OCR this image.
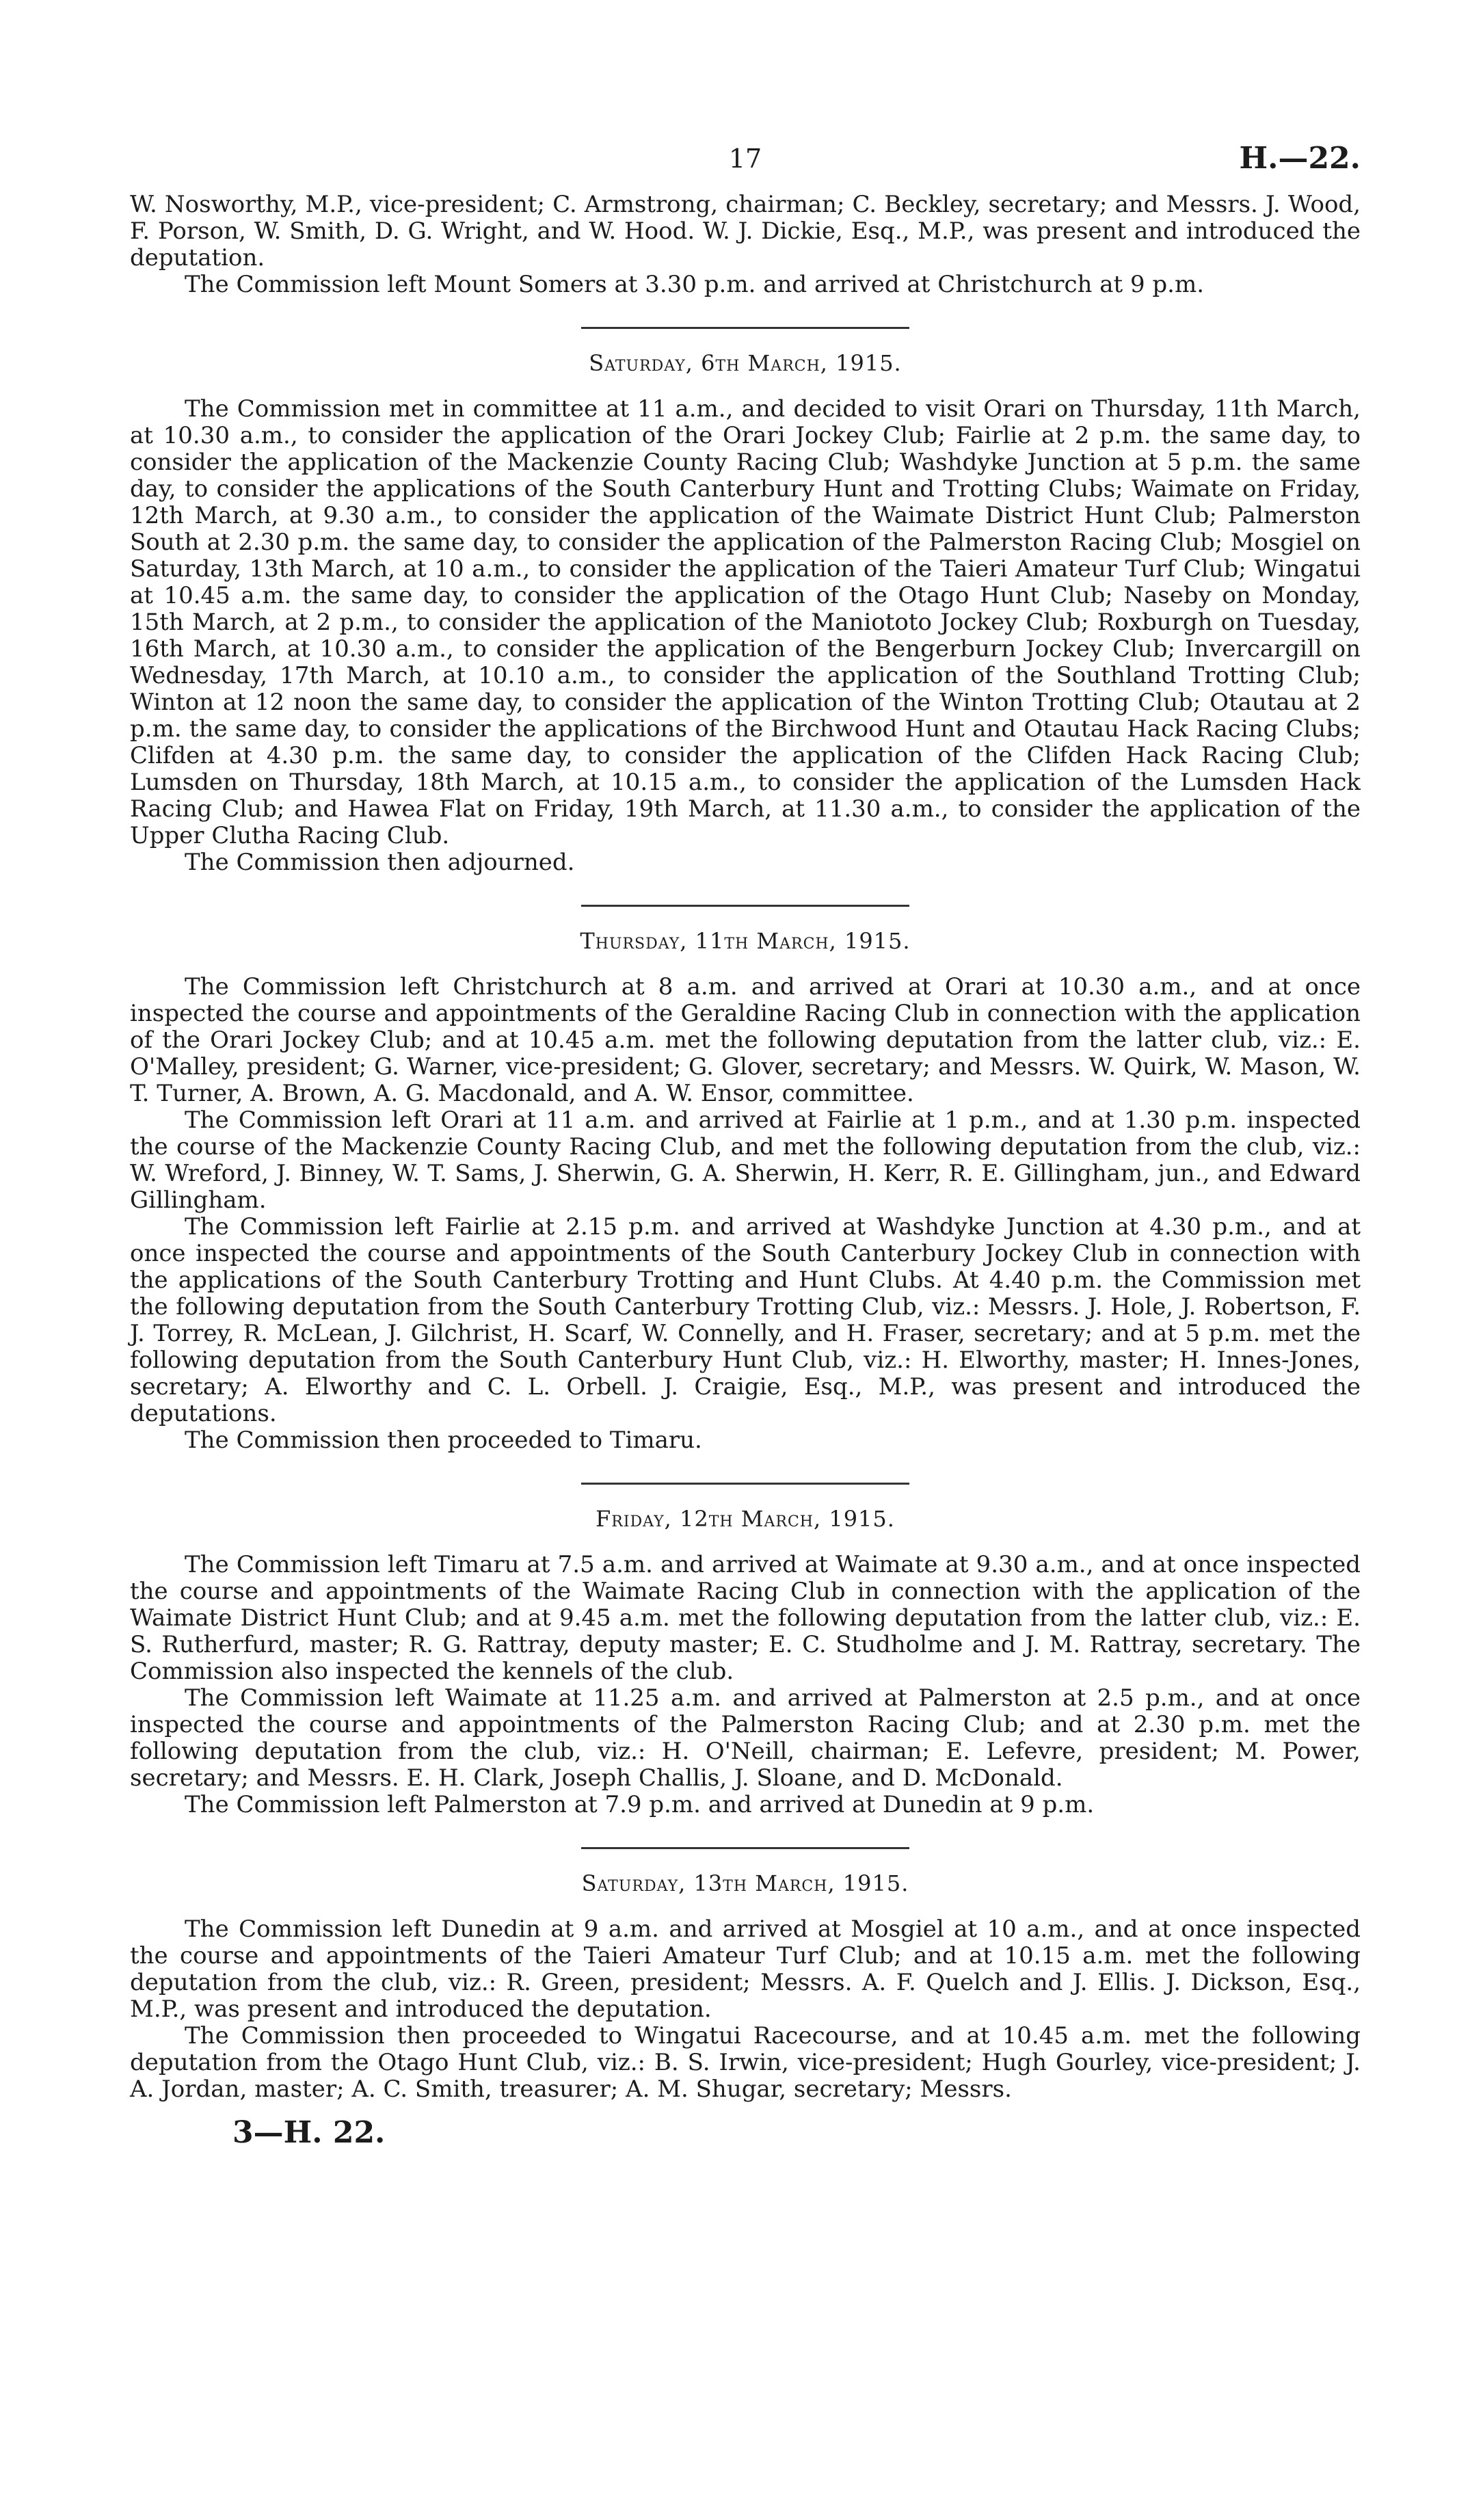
17	H.—22.

W. Nosworthy, M.P., vice-president; C. Armstrong, chairman; C. Beckley, secretary; and Messrs. J. Wood, F. Porson, W. Smith, D. G. Wright, and W. Hood. W. J. Dickie, Esq., M.P., was present and introduced the deputation.

The Commission left Mount Somers at 3.30 p.m. and arrived at Christchurch at 9 p.m.

Saturday, 6th March, 1915.

The Commission met in committee at 11 a.m., and decided to visit Orari on Thursday, 11th March, at 10.30 a.m., to consider the application of the Orari Jockey Club; Fairlie at 2 p.m. the same day, to consider the application of the Mackenzie County Racing Club; Washdyke Junction at 5 p.m. the same day, to consider the applications of the South Canterbury Hunt and Trotting Clubs; Waimate on Friday, 12th March, at 9.30 a.m., to consider the application of the Waimate District Hunt Club; Palmerston South at 2.30 p.m. the same day, to consider the application of the Palmerston Racing Club; Mosgiel on Saturday, 13th March, at 10 a.m., to consider the application of the Taieri Amateur Turf Club; Wingatui at 10.45 a.m. the same day, to consider the application of the Otago Hunt Club; Naseby on Monday, 15th March, at 2 p.m., to consider the application of the Maniototo Jockey Club; Roxburgh on Tuesday, 16th March, at 10.30 a.m., to consider the application of the Bengerburn Jockey Club; Invercargill on Wednesday, 17th March, at 10.10 a.m., to consider the application of the Southland Trotting Club; Winton at 12 noon the same day, to consider the application of the Winton Trotting Club; Otautau at 2 p.m. the same day, to consider the applications of the Birchwood Hunt and Otautau Hack Racing Clubs; Clifden at 4.30 p.m. the same day, to consider the application of the Clifden Hack Racing Club; Lumsden on Thursday, 18th March, at 10.15 a.m., to consider the application of the Lumsden Hack Racing Club; and Hawea Flat on Friday, 19th March, at 11.30 a.m., to consider the application of the Upper Clutha Racing Club.

The Commission then adjourned.

Thursday, 11th March, 1915.

The Commission left Christchurch at 8 a.m. and arrived at Orari at 10.30 a.m., and at once inspected the course and appointments of the Geraldine Racing Club in connection with the application of the Orari Jockey Club; and at 10.45 a.m. met the following deputation from the latter club, viz.: E. O'Malley, president; G. Warner, vice-president; G. Glover, secretary; and Messrs. W. Quirk, W. Mason, W. T. Turner, A. Brown, A. G. Macdonald, and A. W. Ensor, committee.

The Commission left Orari at 11 a.m. and arrived at Fairlie at 1 p.m., and at 1.30 p.m. inspected the course of the Mackenzie County Racing Club, and met the following deputation from the club, viz.: W. Wreford, J. Binney, W. T. Sams, J. Sherwin, G. A. Sherwin, H. Kerr, R. E. Gillingham, jun., and Edward Gillingham.

The Commission left Fairlie at 2.15 p.m. and arrived at Washdyke Junction at 4.30 p.m., and at once inspected the course and appointments of the South Canterbury Jockey Club in connection with the applications of the South Canterbury Trotting and Hunt Clubs. At 4.40 p.m. the Commission met the following deputation from the South Canterbury Trotting Club, viz.: Messrs. J. Hole, J. Robertson, F. J. Torrey, R. McLean, J. Gilchrist, H. Scarf, W. Connelly, and H. Fraser, secretary; and at 5 p.m. met the following deputation from the South Canterbury Hunt Club, viz.: H. Elworthy, master; H. Innes-Jones, secretary; A. Elworthy and C. L. Orbell. J. Craigie, Esq., M.P., was present and introduced the deputations.

The Commission then proceeded to Timaru.

Friday, 12th March, 1915.

The Commission left Timaru at 7.5 a.m. and arrived at Waimate at 9.30 a.m., and at once inspected the course and appointments of the Waimate Racing Club in connection with the application of the Waimate District Hunt Club; and at 9.45 a.m. met the following deputation from the latter club, viz.: E. S. Rutherfurd, master; R. G. Rattray, deputy master; E. C. Studholme and J. M. Rattray, secretary. The Commission also inspected the kennels of the club.

The Commission left Waimate at 11.25 a.m. and arrived at Palmerston at 2.5 p.m., and at once inspected the course and appointments of the Palmerston Racing Club; and at 2.30 p.m. met the following deputation from the club, viz.: H. O'Neill, chairman; E. Lefevre, president; M. Power, secretary; and Messrs. E. H. Clark, Joseph Challis, J. Sloane, and D. McDonald.

The Commission left Palmerston at 7.9 p.m. and arrived at Dunedin at 9 p.m.

Saturday, 13th March, 1915.

The Commission left Dunedin at 9 a.m. and arrived at Mosgiel at 10 a.m., and at once inspected the course and appointments of the Taieri Amateur Turf Club; and at 10.15 a.m. met the following deputation from the club, viz.: R. Green, president; Messrs. A. F. Quelch and J. Ellis. J. Dickson, Esq., M.P., was present and introduced the deputation.

The Commission then proceeded to Wingatui Racecourse, and at 10.45 a.m. met the following deputation from the Otago Hunt Club, viz.: B. S. Irwin, vice-president; Hugh Gourley, vice-president; J. A. Jordan, master; A. C. Smith, treasurer; A. M. Shugar, secretary; Messrs.

3—H. 22.
